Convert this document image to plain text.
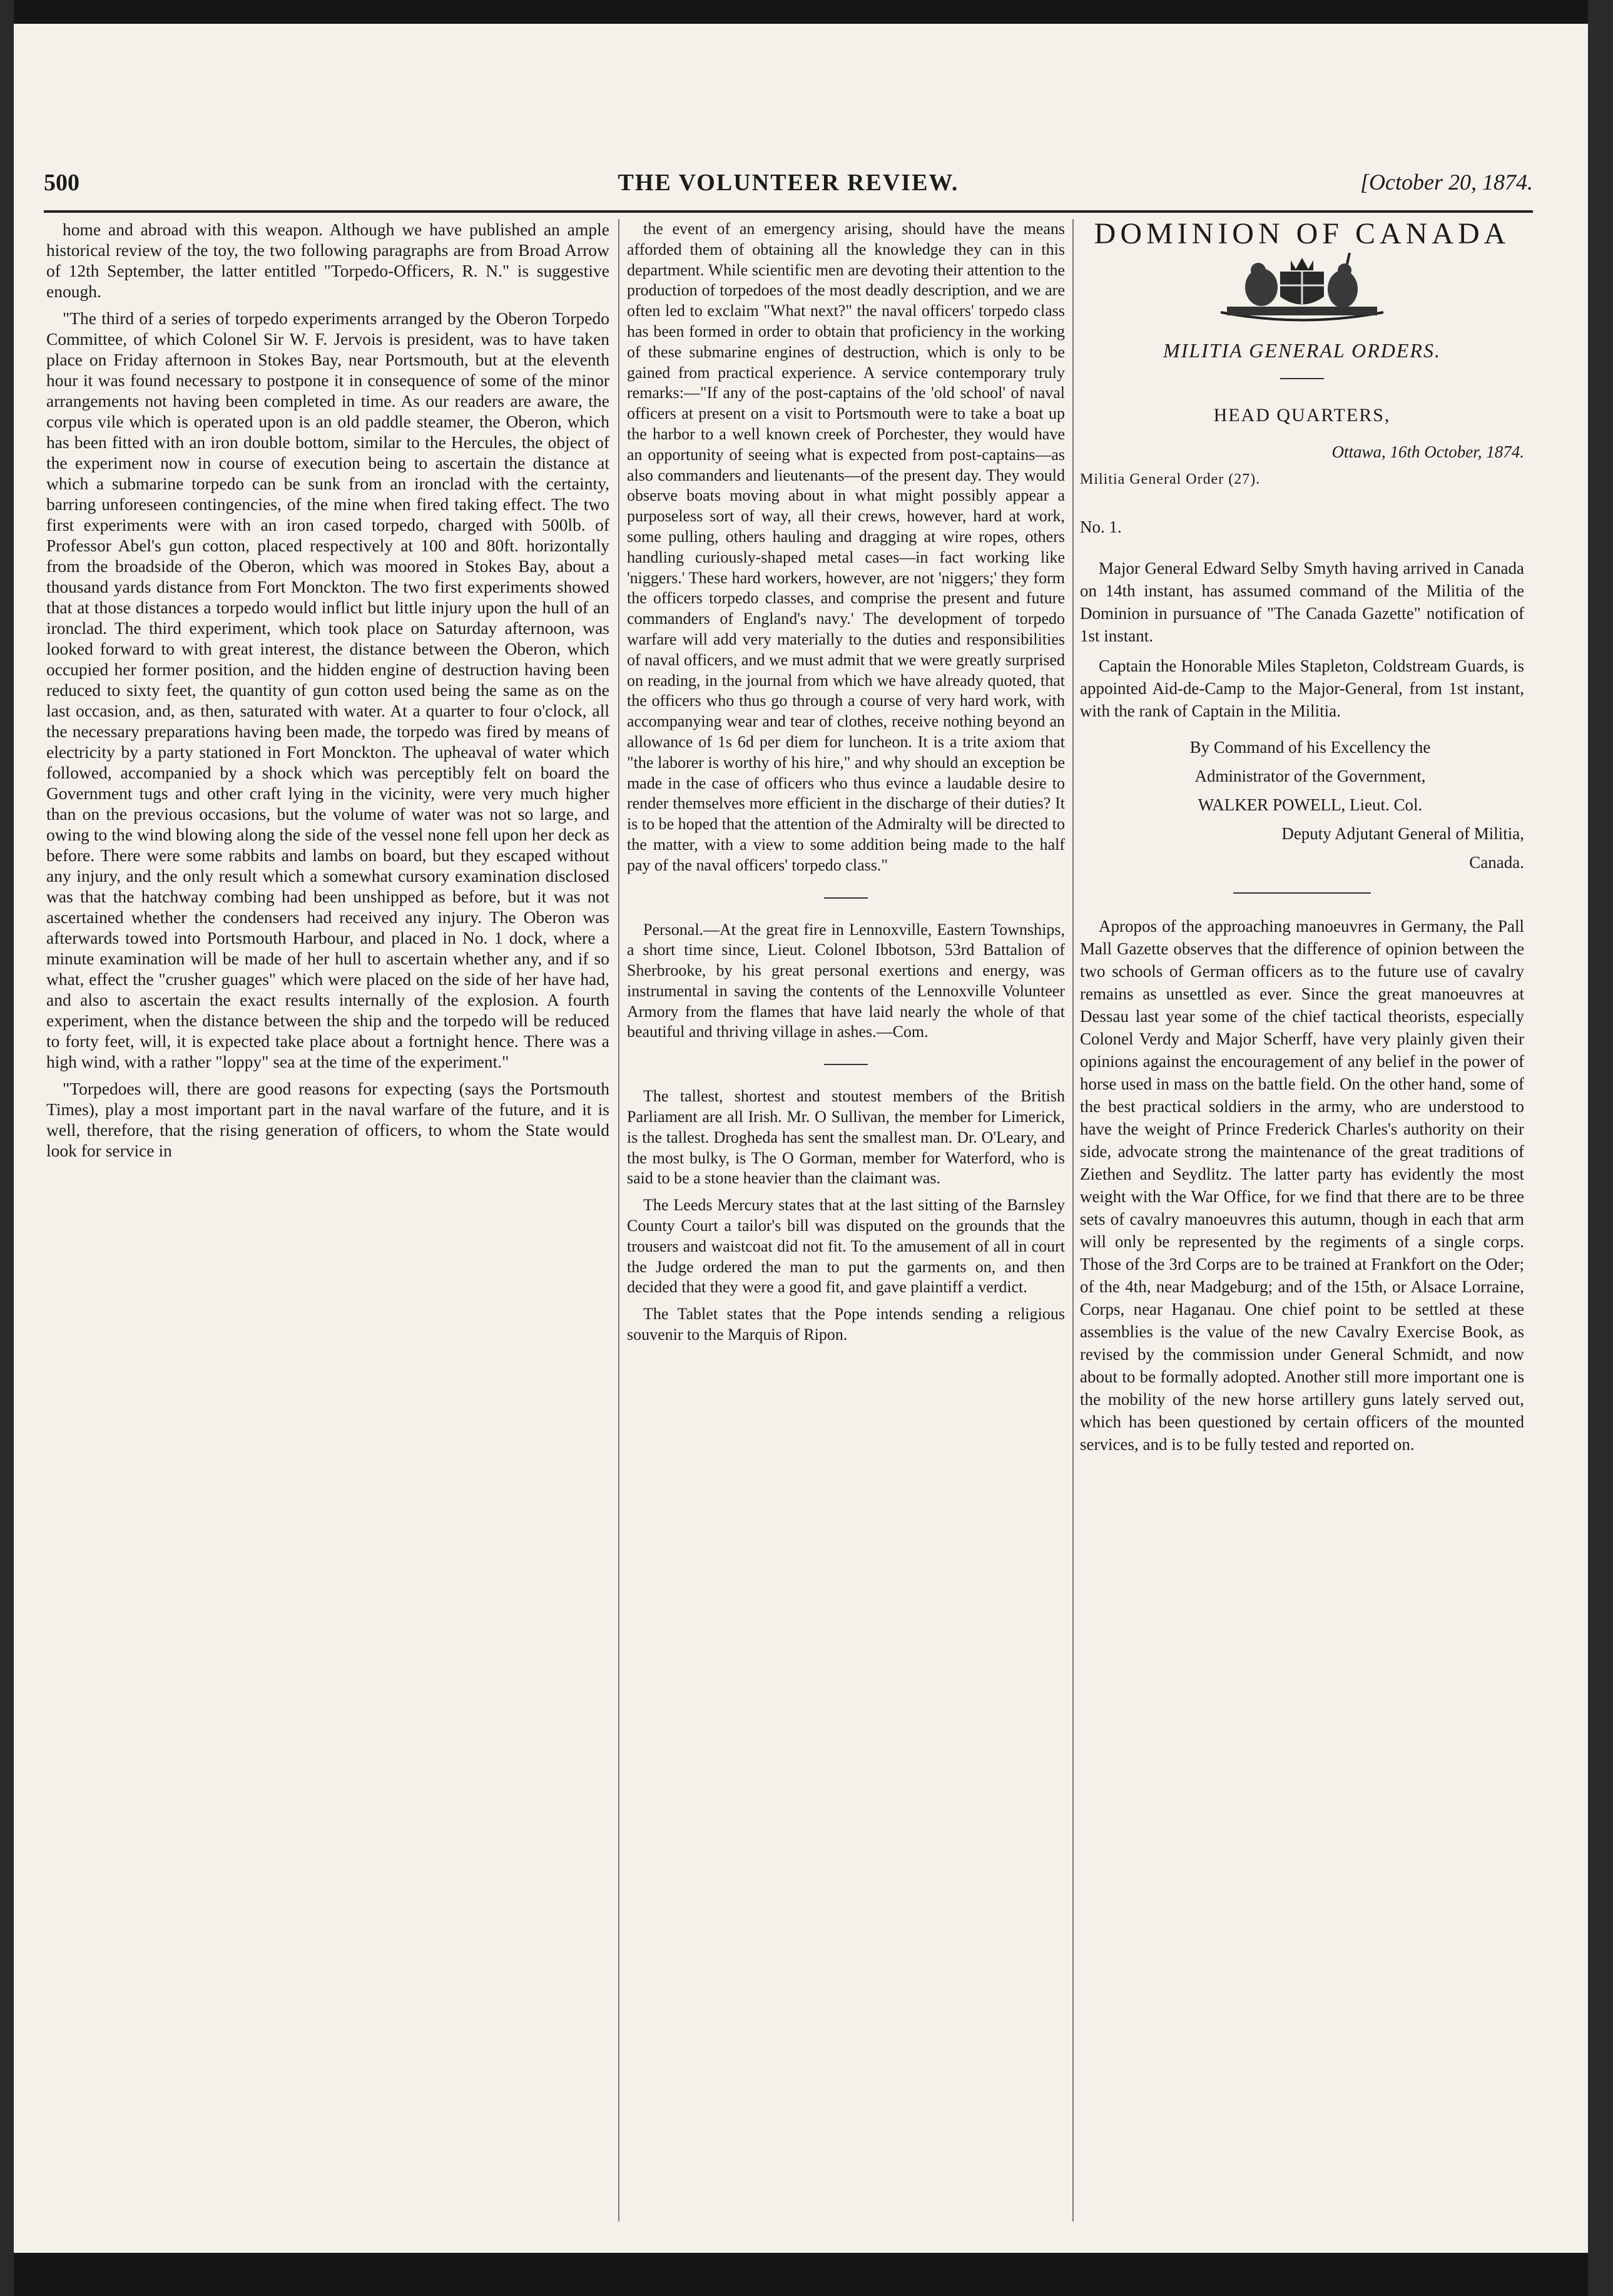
THE VOLUNTEER REVIEW.
500	[October 20, 1874.

home and abroad with this weapon. Although we have published an ample historical review of the toy, the two following paragraphs are from Broad Arrow of 12th September, the latter entitled "Torpedo-Officers, R. N." is suggestive enough.

"The third of a series of torpedo experiments arranged by the Oberon Torpedo Committee, of which Colonel Sir W. F. Jervois is president, was to have taken place on Friday afternoon in Stokes Bay, near Portsmouth, but at the eleventh hour it was found necessary to postpone it in consequence of some of the minor arrangements not having been completed in time. As our readers are aware, the corpus vile which is operated upon is an old paddle steamer, the Oberon, which has been fitted with an iron double bottom, similar to the Hercules, the object of the experiment now in course of execution being to ascertain the distance at which a submarine torpedo can be sunk from an ironclad with the certainty, barring unforeseen contingencies, of the mine when fired taking effect. The two first experiments were with an iron cased torpedo, charged with 500lb. of Professor Abel's gun cotton, placed respectively at 100 and 80ft. horizontally from the broadside of the Oberon, which was moored in Stokes Bay, about a thousand yards distance from Fort Monckton. The two first experiments showed that at those distances a torpedo would inflict but little injury upon the hull of an ironclad. The third experiment, which took place on Saturday afternoon, was looked forward to with great interest, the distance between the Oberon, which occupied her former position, and the hidden engine of destruction having been reduced to sixty feet, the quantity of gun cotton used being the same as on the last occasion, and, as then, saturated with water. At a quarter to four o'clock, all the necessary preparations having been made, the torpedo was fired by means of electricity by a party stationed in Fort Monckton. The upheaval of water which followed, accompanied by a shock which was perceptibly felt on board the Government tugs and other craft lying in the vicinity, were very much higher than on the previous occasions, but the volume of water was not so large, and owing to the wind blowing along the side of the vessel none fell upon her deck as before. There were some rabbits and lambs on board, but they escaped without any injury, and the only result which a somewhat cursory examination disclosed was that the hatchway combing had been unshipped as before, but it was not ascertained whether the condensers had received any injury. The Oberon was afterwards towed into Portsmouth Harbour, and placed in No. 1 dock, where a minute examination will be made of her hull to ascertain whether any, and if so what, effect the "crusher guages" which were placed on the side of her have had, and also to ascertain the exact results internally of the explosion. A fourth experiment, when the distance between the ship and the torpedo will be reduced to forty feet, will, it is expected take place about a fortnight hence. There was a high wind, with a rather "loppy" sea at the time of the experiment."

"Torpedoes will, there are good reasons for expecting (says the Portsmouth Times), play a most important part in the naval warfare of the future, and it is well, therefore, that the rising generation of officers, to whom the State would look for service in

the event of an emergency arising, should have the means afforded them of obtaining all the knowledge they can in this department. While scientific men are devoting their attention to the production of torpedoes of the most deadly description, and we are often led to exclaim "What next?" the naval officers' torpedo class has been formed in order to obtain that proficiency in the working of these submarine engines of destruction, which is only to be gained from practical experience. A service contemporary truly remarks:—"If any of the post-captains of the 'old school' of naval officers at present on a visit to Portsmouth were to take a boat up the harbor to a well known creek of Porchester, they would have an opportunity of seeing what is expected from post-captains—as also commanders and lieutenants—of the present day. They would observe boats moving about in what might possibly appear a purposeless sort of way, all their crews, however, hard at work, some pulling, others hauling and dragging at wire ropes, others handling curiously-shaped metal cases—in fact working like 'niggers.' These hard workers, however, are not 'niggers;' they form the officers torpedo classes, and comprise the present and future commanders of England's navy.' The development of torpedo warfare will add very materially to the duties and responsibilities of naval officers, and we must admit that we were greatly surprised on reading, in the journal from which we have already quoted, that the officers who thus go through a course of very hard work, with accompanying wear and tear of clothes, receive nothing beyond an allowance of 1s 6d per diem for luncheon. It is a trite axiom that "the laborer is worthy of his hire," and why should an exception be made in the case of officers who thus evince a laudable desire to render themselves more efficient in the discharge of their duties? It is to be hoped that the attention of the Admiralty will be directed to the matter, with a view to some addition being made to the half pay of the naval officers' torpedo class."

Personal.—At the great fire in Lennoxville, Eastern Townships, a short time since, Lieut. Colonel Ibbotson, 53rd Battalion of Sherbrooke, by his great personal exertions and energy, was instrumental in saving the contents of the Lennoxville Volunteer Armory from the flames that have laid nearly the whole of that beautiful and thriving village in ashes.—Com.

The tallest, shortest and stoutest members of the British Parliament are all Irish. Mr. O Sullivan, the member for Limerick, is the tallest. Drogheda has sent the smallest man. Dr. O'Leary, and the most bulky, is The O Gorman, member for Waterford, who is said to be a stone heavier than the claimant was.

The Leeds Mercury states that at the last sitting of the Barnsley County Court a tailor's bill was disputed on the grounds that the trousers and waistcoat did not fit. To the amusement of all in court the Judge ordered the man to put the garments on, and then decided that they were a good fit, and gave plaintiff a verdict.

The Tablet states that the Pope intends sending a religious souvenir to the Marquis of Ripon.

DOMINION OF CANADA
MILITIA GENERAL ORDERS.
HEAD QUARTERS,
Ottawa, 16th October, 1874.
Militia General Order (27).
No. 1.

Major General Edward Selby Smyth having arrived in Canada on 14th instant, has assumed command of the Militia of the Dominion in pursuance of "The Canada Gazette" notification of 1st instant.

Captain the Honorable Miles Stapleton, Coldstream Guards, is appointed Aid-de-Camp to the Major-General, from 1st instant, with the rank of Captain in the Militia.

By Command of his Excellency the

Administrator of the Government,

WALKER POWELL, Lieut. Col.

Deputy Adjutant General of Militia,

Canada.

Apropos of the approaching manoeuvres in Germany, the Pall Mall Gazette observes that the difference of opinion between the two schools of German officers as to the future use of cavalry remains as unsettled as ever. Since the great manoeuvres at Dessau last year some of the chief tactical theorists, especially Colonel Verdy and Major Scherff, have very plainly given their opinions against the encouragement of any belief in the power of horse used in mass on the battle field. On the other hand, some of the best practical soldiers in the army, who are understood to have the weight of Prince Frederick Charles's authority on their side, advocate strong the maintenance of the great traditions of Ziethen and Seydlitz. The latter party has evidently the most weight with the War Office, for we find that there are to be three sets of cavalry manoeuvres this autumn, though in each that arm will only be represented by the regiments of a single corps. Those of the 3rd Corps are to be trained at Frankfort on the Oder; of the 4th, near Madgeburg; and of the 15th, or Alsace Lorraine, Corps, near Haganau. One chief point to be settled at these assemblies is the value of the new Cavalry Exercise Book, as revised by the commission under General Schmidt, and now about to be formally adopted. Another still more important one is the mobility of the new horse artillery guns lately served out, which has been questioned by certain officers of the mounted services, and is to be fully tested and reported on.
